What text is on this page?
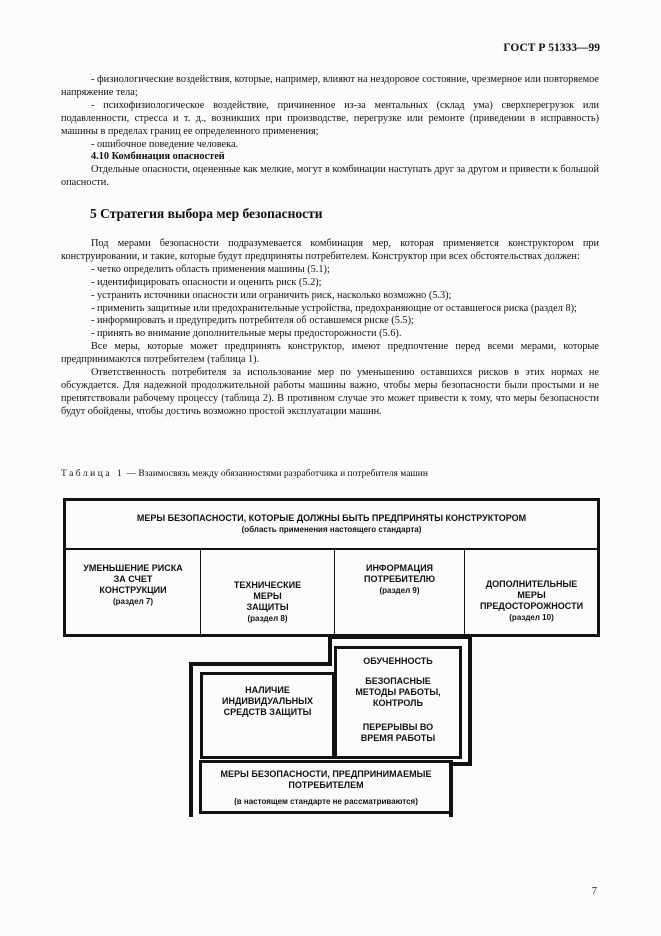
ГОСТ Р 51333—99

- физиологические воздействия, которые, например, влияют на нездоровое состояние, чрезмерное или повторяемое напряжение тела;

- психофизиологическое воздействие, причиненное из-за ментальных (склад ума) сверхперегрузок или подавленности, стресса и т. д., возникших при производстве, перегрузке или ремонте (приведении в исправность) машины в пределах границ ее определенного применения;

- ошибочное поведение человека.

4.10 Комбинация опасностей

Отдельные опасности, оцененные как мелкие, могут в комбинации наступать друг за другом и привести к большой опасности.

5 Стратегия выбора мер безопасности

Под мерами безопасности подразумевается комбинация мер, которая применяется конструктором при конструировании, и такие, которые будут предприняты потребителем. Конструктор при всех обстоятельствах должен:

- четко определить область применения машины (5.1);

- идентифицировать опасности и оценить риск (5.2);

- устранить источники опасности или ограничить риск, насколько возможно (5.3);

- применить защитные или предохранительные устройства, предохраняющие от оставшегося риска (раздел 8);

- информировать и предупредить потребителя об оставшемся риске (5.5);

- принять во внимание дополнительные меры предосторожности (5.6).

Все меры, которые может предпринять конструктор, имеют предпочтение перед всеми мерами, которые предпринимаются потребителем (таблица 1).

Ответственность потребителя за использование мер по уменьшению оставшихся рисков в этих нормах не обсуждается. Для надежной продолжительной работы машины важно, чтобы меры безопасности были простыми и не препятствовали рабочему процессу (таблица 2). В противном случае это может привести к тому, что меры безопасности будут обойдены, чтобы достичь возможно простой эксплуатации машин.

Таблица 1 — Взаимосвязь между обязанностями разработчика и потребителя машин
МЕРЫ БЕЗОПАСНОСТИ, КОТОРЫЕ ДОЛЖНЫ БЫТЬ ПРЕДПРИНЯТЫ КОНСТРУКТОРОМ
(область применения настоящего стандарта)
УМЕНЬШЕНИЕ РИСКА
ЗА СЧЕТ
КОНСТРУКЦИИ
(раздел 7)
ТЕХНИЧЕСКИЕ
МЕРЫ
ЗАЩИТЫ
(раздел 8)
ИНФОРМАЦИЯ
ПОТРЕБИТЕЛЮ
(раздел 9)
ДОПОЛНИТЕЛЬНЫЕ
МЕРЫ
ПРЕДОСТОРОЖНОСТИ
(раздел 10)
НАЛИЧИЕ
ИНДИВИДУАЛЬНЫХ
СРЕДСТВ ЗАЩИТЫ
ОБУЧЕННОСТЬ
БЕЗОПАСНЫЕ
МЕТОДЫ РАБОТЫ,
КОНТРОЛЬ
ПЕРЕРЫВЫ ВО
ВРЕМЯ РАБОТЫ
МЕРЫ БЕЗОПАСНОСТИ, ПРЕДПРИНИМАЕМЫЕ
ПОТРЕБИТЕЛЕМ
(в настоящем стандарте не рассматриваются)
7
